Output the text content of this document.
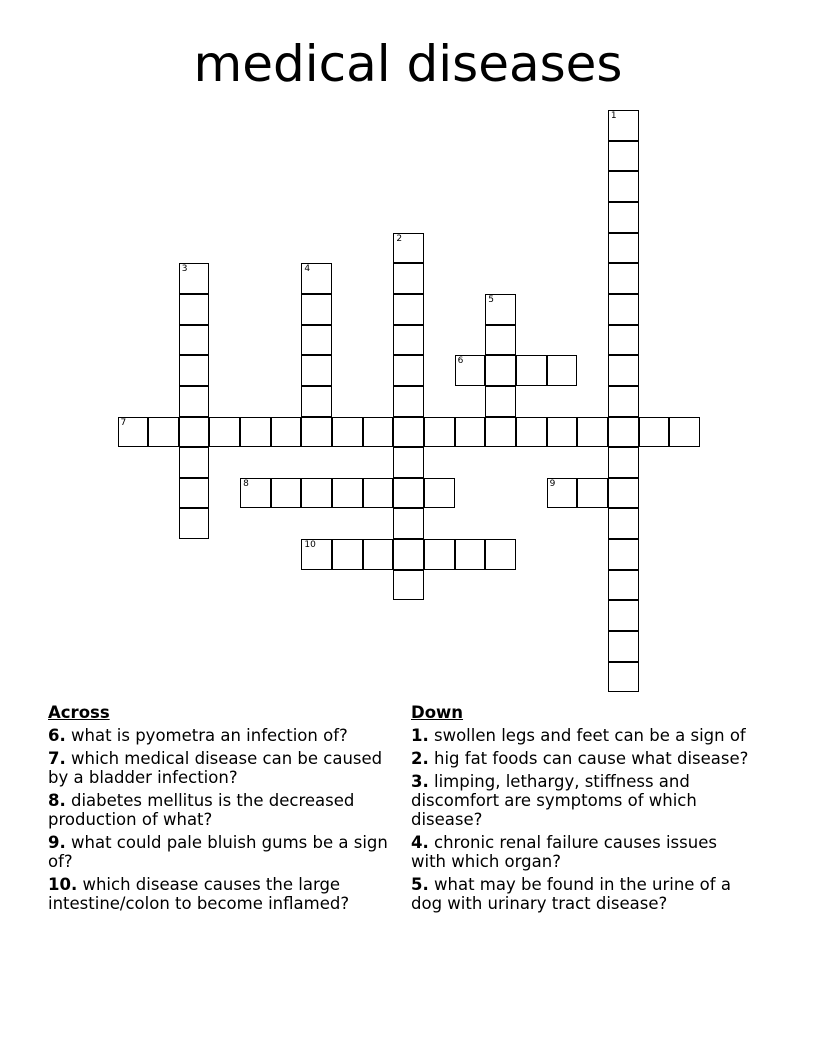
medical diseases
1
2
3	4
5
6
7
8	9
10
Across
6. what is pyometra an infection of?
7. which medical disease can be caused by a bladder infection?
8. diabetes mellitus is the decreased production of what?
9. what could pale bluish gums be a sign of?
10. which disease causes the large intestine/colon to become inflamed?
Down
1. swollen legs and feet can be a sign of
2. hig fat foods can cause what disease?
3. limping, lethargy, stiffness and discomfort are symptoms of which disease?
4. chronic renal failure causes issues with which organ?
5. what may be found in the urine of a dog with urinary tract disease?
